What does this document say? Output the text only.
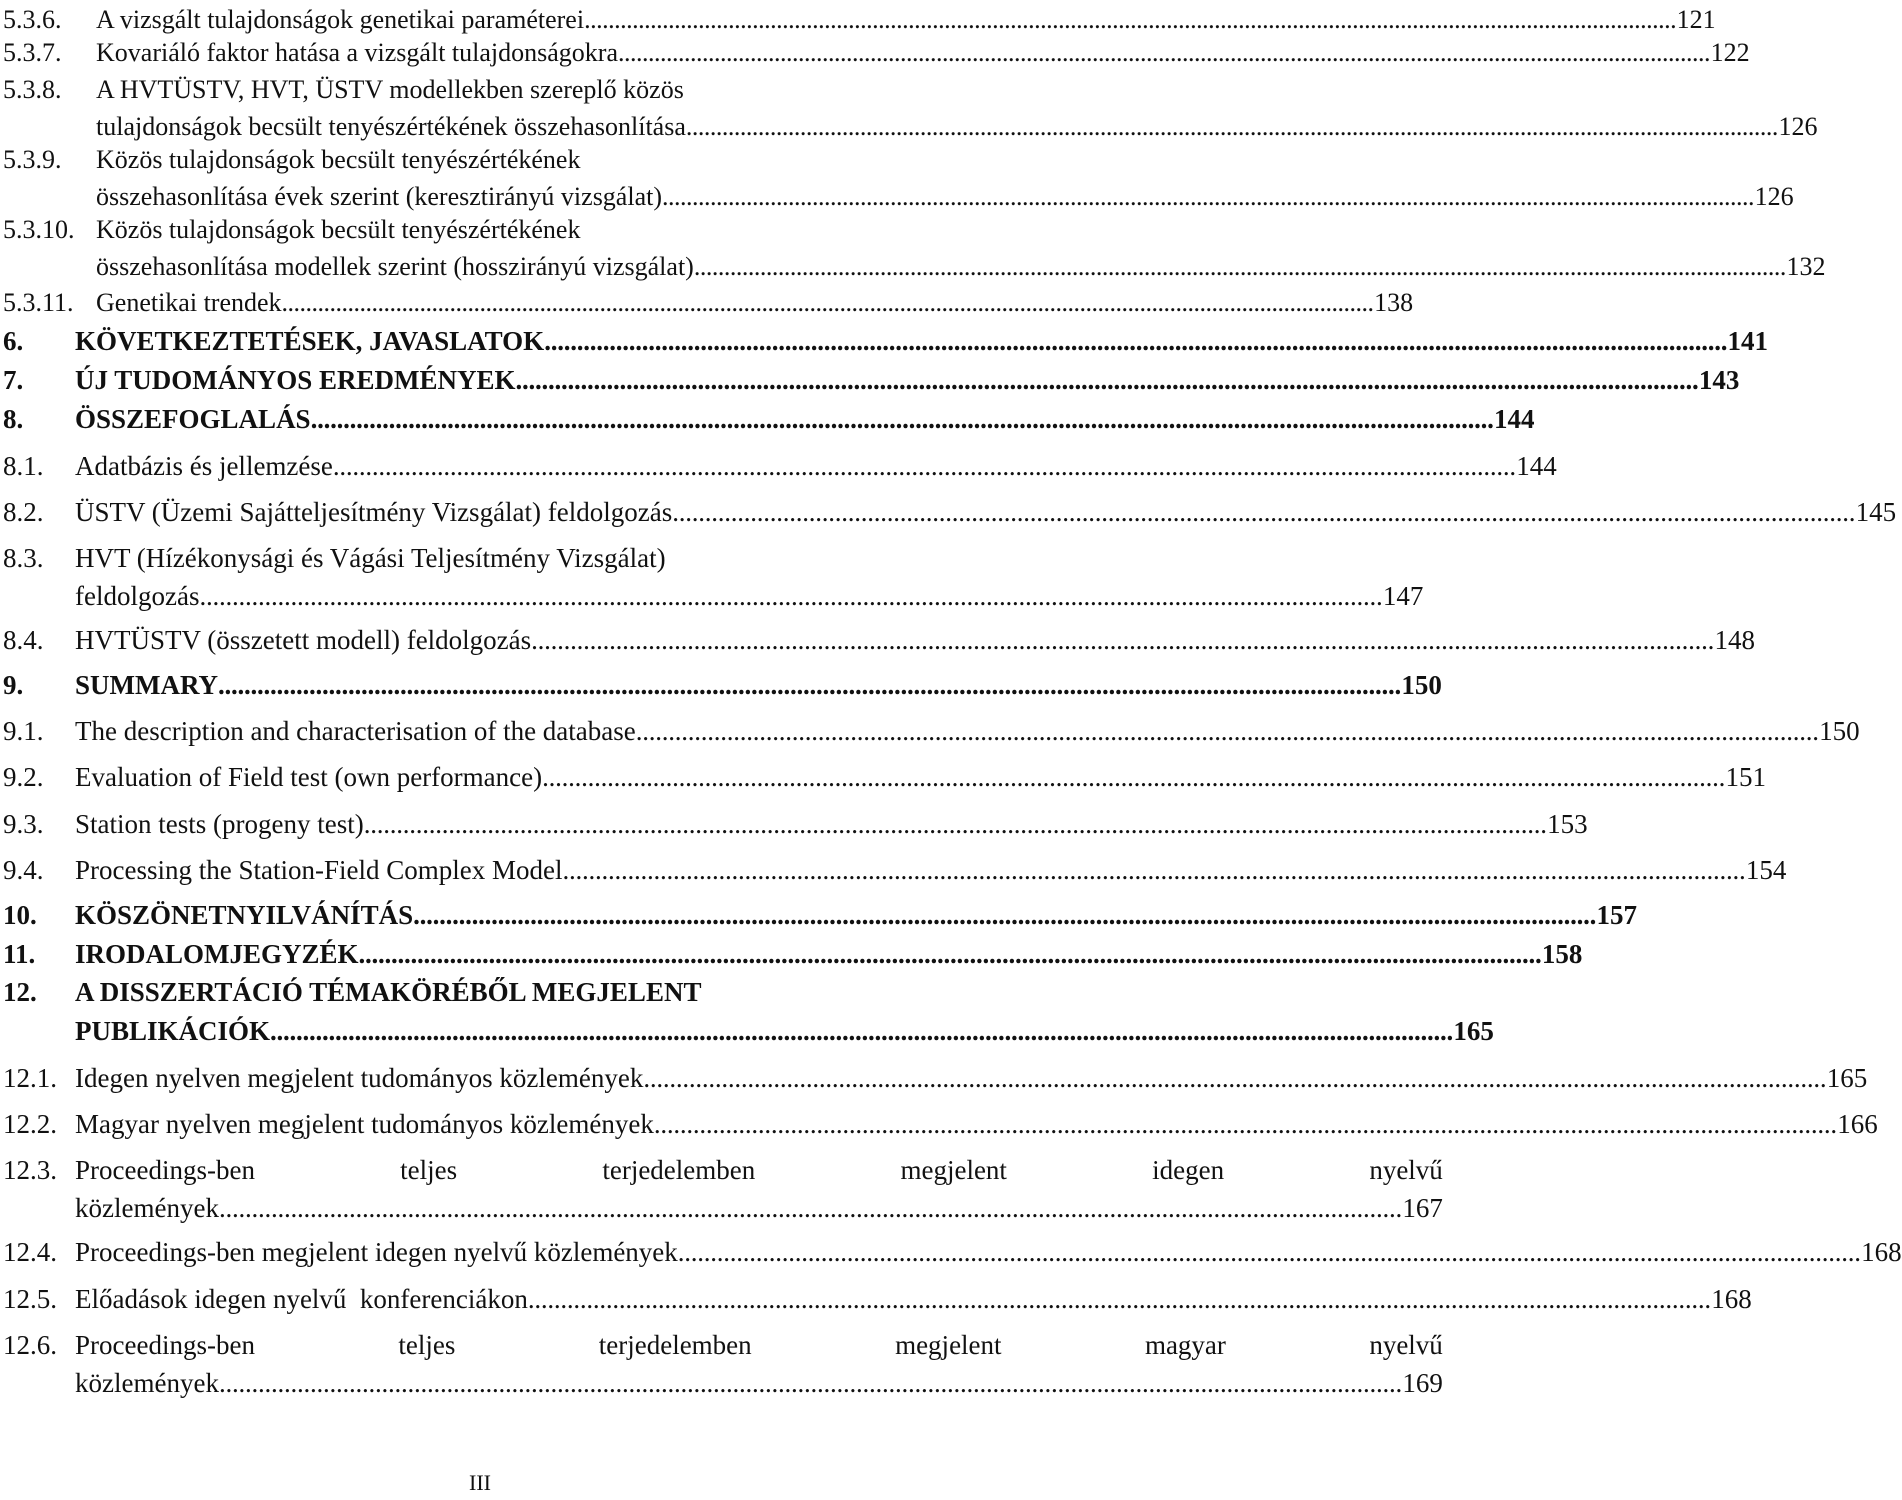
5.3.6.	A vizsgált tulajdonságok genetikai paraméterei . . .	121
5.3.7.	Kovariáló faktor hatása a vizsgált tulajdonságokra . . .	122
5.3.8.	A HVTÜSTV, HVT, ÜSTV modellekben szereplő közös
tulajdonságok becsült tenyészértékének összehasonlítása . . .	126
5.3.9.	Közös tulajdonságok becsült tenyészértékének
összehasonlítása évek szerint (keresztirányú vizsgálat) . . .	126
5.3.10. Közös tulajdonságok becsült tenyészértékének
összehasonlítása modellek szerint (hosszirányú vizsgálat) . . .	132
5.3.11. Genetikai trendek . . .	138
6.	KÖVETKEZTETÉSEK, JAVASLATOK . . .	141
7.	ÚJ TUDOMÁNYOS EREDMÉNYEK . . .	143
8.	ÖSSZEFOGLALÁS . . .	144
8.1.	Adatbázis és jellemzése . . .	144
8.2.	ÜSTV (Üzemi Sajátteljesítmény Vizsgálat) feldolgozás . . .	145
8.3.	HVT (Hízékonysági és Vágási Teljesítmény Vizsgálat)
feldolgozás . . .	147
8.4.	HVTÜSTV (összetett modell) feldolgozás . . .	148
9.	SUMMARY . . .	150
9.1.	The description and characterisation of the database . . .	150
9.2.	Evaluation of Field test (own performance) . . .	151
9.3.	Station tests (progeny test) . . .	153
9.4.	Processing the Station-Field Complex Model . . .	154
10.	KÖSZÖNETNYILVÁNÍTÁS . . .	157
11.	IRODALOMJEGYZÉK . . .	158
12.	A DISSZERTÁCIÓ TÉMAKÖRÉBŐL MEGJELENT
PUBLIKÁCIÓK . . .	165
12.1. Idegen nyelven megjelent tudományos közlemények . . .	165
12.2. Magyar nyelven megjelent tudományos közlemények . . .	166
12.3. Proceedings-ben teljes terjedelemben megjelent idegen nyelvű
közlemények . . .	167
12.4. Proceedings-ben megjelent idegen nyelvű közlemények . . .	168
12.5. Előadások idegen nyelvű  konferenciákon . . .	168
12.6. Proceedings-ben teljes terjedelemben megjelent magyar nyelvű
közlemények . . .	169
III
